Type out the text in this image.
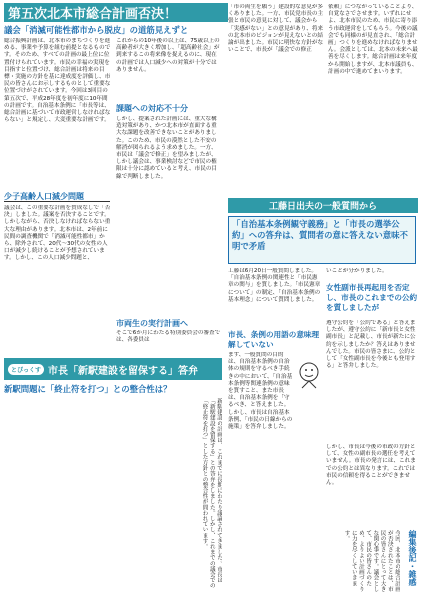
第五次北本市総合計画否決！
議会「消滅可能性都市から脱皮」の道筋見えずと
総合振興計画は、北本市のまちづくりを進める、事業や予算を組む前提となるものです。そのため、すべての計画の最上位に位置付けられています。市民の幸福の実現を目指すと位置づけ、総合計画は将来の目標・実施の方針を基に達成度を評価し、市民の皆さんにお示しするものとして重要な位置づけがされています。今回は3回目の第五次で、平成28年度を初年度に10年間の計画です。自治基本条例に「市長等は、総合計画に基づいて市政運営しなければならない」と規定し、大変重要な計画です。
少子高齢人口減少問題
議会は、この重要な計画を賛成なしで「否決」しました。議案を否決することです。しかしながら、否決しなければならない重大な理由があります。北本市は、2年前に民間の調査機関で「消滅可能性都市」から、除外されて、20代〜30代の女性の人口が減少し続けることが予想されています。しかし、この人口減少問題と、
これからの10年後の以上は、75歳以上の高齢者が大きく増加し、「超高齢社会」が到来するこの将来像を捉えるのに、現在の計画では人口減少への対策が十分ではありません。
課題への対応不十分
しかし、提案された計画には、重大な構造対策があり、かつ北本市が直面する重大な課題を改善できないことがありました。このため、市民の漠然とした不安の解消が図られるよう求めました。一方、市民は「議会で修正」を望みましたが、しかし議会は、事業検討などで市民の権限は十分に認めていると考え、市民の目線で判断しました。
市両生の実行計画へ
そこで6か月にわたる特別委員会の審査では、各委員は
「市の両生を願う」建設的な意見が多くありました。一方、市民党市長の主張と市民の意見に対して、議会から「実感がない」との意見があり、将来の北本市のビジョンが見えないとの結論が出ました。市民に明快な方針がないことで、市長が「議会での修正
依頼」につながっていることより、自覚なさでさせます。いずれにせよ、北本市民のため、市民に寄り添う市政運営をしてもらう。今後の議会でも同様のが見直され、「総合計画」つくりを進めなければなりません。会派としては、北本の未来へ最善を尽くします。総合計画は来年度から開始しますが、北本市議員も、計画の中で進めてまいります。
工藤日出夫の一般質問から
「自治基本条例観守義務」と「市長の選挙公約」への答弁は、質問者の意に答えない意味不明で矛盾
工藤は6月20日一般質問しました。「自治基本条例の関連性と「市民憲章の関与」を質しました。「市民憲章について」の制定、「自治基本条例の基本理念」について質問しました。
いことが分かりました。
市長、条例の用語の意味理解していない
まず、一般質問の目的は、自治基本条例の自治体の規則を守るべき手続きの中において、「自治基本条例等関連条例の意味を質すこと、また市長は、自治基本条例を「守るべき、と答えました。しかし、市長は自治基本条例、「市民の日線からの施策」を答弁しました。
女性副市長再起用を否定し、市長のこれまでの公約を質しましたが
遵守公約を「公約である」と答えましたが、遵守公約に「新市長と女性副市長」と記載し、市長が新たに公約を示しましたか？答えはありませんでした。市民の皆さまに、公約として「女性副市長を今後とも登用する」と答弁しました。
しかし、市長は今後の市政の方針として、女性の副市長の選任を考えていません。市長の発言には、これまでの公約とは異なります。これでは市民の信頼を得ることができません。
とぴっくす 市長「新駅建設を留保する」答弁
新駅問題に「終止符を打つ」との整合性は？
新駅建設の計画は、これまでに長期にわたり議論されてきました。市長は「新駅建設を留保する」との答弁をしました。しかし、これまでの議会での「終止符を打つ」とした方針との整合性が問われています。
編集後記・雑感
今回、北本市の総合計画が否決されたことは、市民の皆さんにとって大きな関心事です。議会として、市民の皆さんのため、よりよい計画づくりに力を尽くしていきます。
